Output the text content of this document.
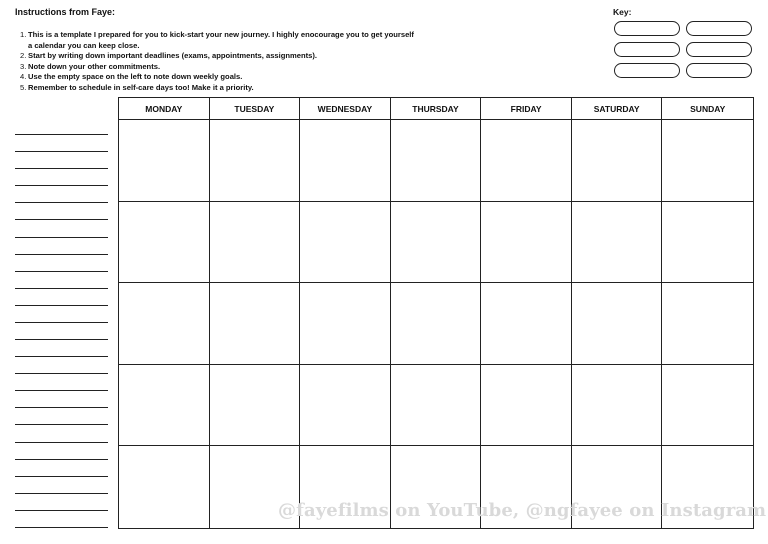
Instructions from Faye:
1. This is a template I prepared for you to kick-start your new journey. I highly enocourage you to get yourself a calendar you can keep close.
2. Start by writing down important deadlines (exams, appointments, assignments).
3. Note down your other commitments.
4. Use the empty space on the left to note down weekly goals.
5. Remember to schedule in self-care days too! Make it a priority.
Key:
MONDAY	TUESDAY	WEDNESDAY	THURSDAY	FRIDAY	SATURDAY	SUNDAY
@fayefilms on YouTube, @ngfayee on Instagram
